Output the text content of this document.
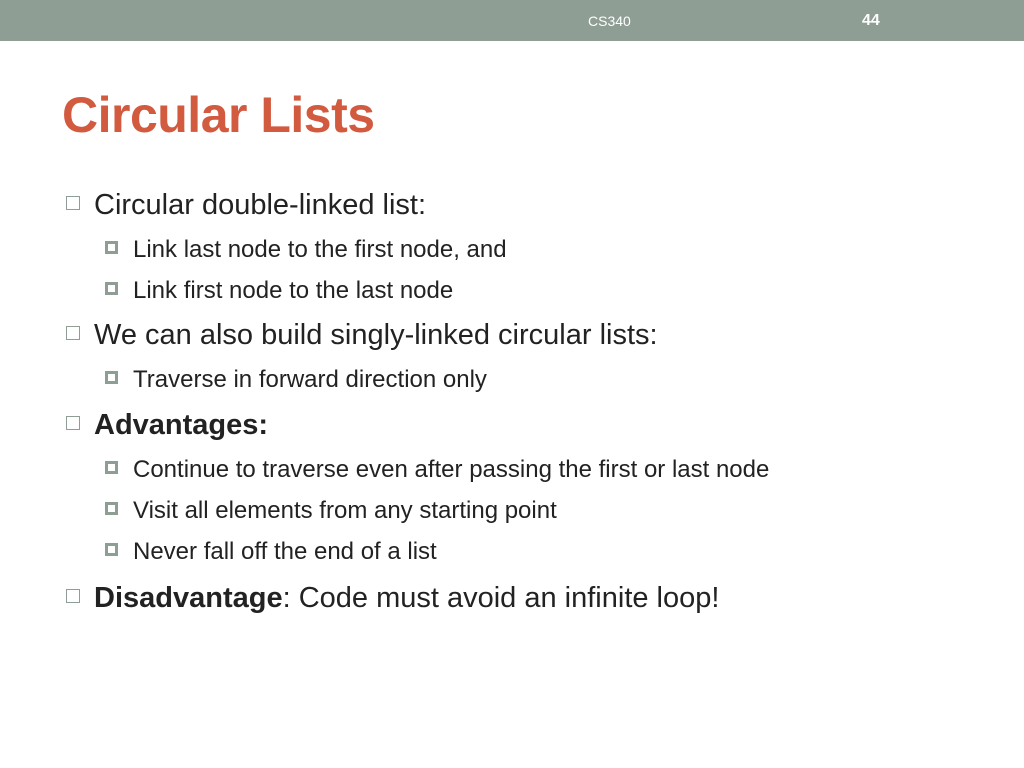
CS340	44
Circular Lists
Circular double-linked list:
Link last node to the first node, and
Link first node to the last node
We can also build singly-linked circular lists:
Traverse in forward direction only
Advantages:
Continue to traverse even after passing the first or last node
Visit all elements from any starting point
Never fall off the end of a list
Disadvantage: Code must avoid an infinite loop!
